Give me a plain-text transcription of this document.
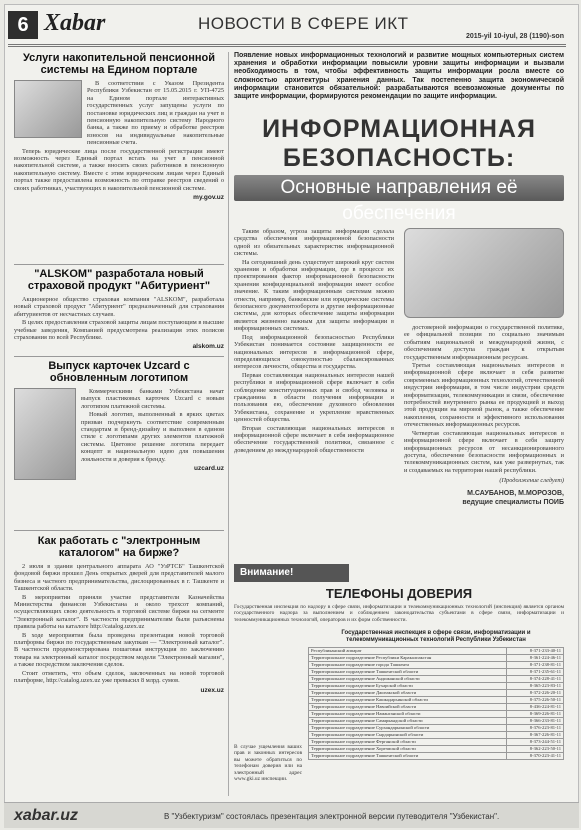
6 Xabar	НОВОСТИ В СФЕРЕ ИКТ
2015-yil 10-iyul, 28 (1190)-son
Услуги накопительной пенсионной системы на Едином портале

В соответствии с Указом Президента Республики Узбекистан от 15.05.2015 г. УП-4725 на Едином портале интерактивных государственных услуг запущены услуги по постановке юридических лиц и граждан на учет в пенсионную накопительную систему Народного банка, а также по приему и обработке реестров взносов на индивидуальные накопительные пенсионные счета.

Теперь юридические лица после государственной регистрации имеют возможность через Единый портал встать на учет в пенсионной накопительной системе, а также вносить своих работников в пенсионную накопительную систему. Вместе с этим юридическим лицам через Единый портал также предоставлена возможность по отправке реестров сведений о своих работниках, участвующих в накопительной пенсионной системе.

my.gov.uz
"ALSKOM" разработала новый страховой продукт "Абитуриент"

Акционерное общество страховая компания "ALSKOM", разработала новый страховой продукт "Абитуриент" предназначенный для страхования абитуриентов от несчастных случаев.

В целях предоставления страховой защиты лицам поступающим в высшие учебные заведения, Компанией предусмотрена реализация этих полисов страхования по всей Республике.

alskom.uz
Выпуск карточек Uzcard с обновленным логотипом

Коммерческими банками Узбекистана начат выпуск пластиковых карточек Uzcard с новым логотипом платежной системы.

Новый логотип, выполненный в ярких цветах призван подчеркнуть соответствие современным стандартам и бренд-дизайну и выполнен в едином стиле с логотипами других элементов платежной системы. Цветовое решение логотипа передает концепт и национальную идею для повышения лояльности и доверия к бренду.

uzcard.uz
Как работать с "электронным каталогом" на бирже?

2 июля в здании центрального аппарата АО "УзРТСБ" Ташкентской фондовой биржи прошел День открытых дверей для представителей малого бизнеса и частного предпринимательства, дислоцированных в г. Ташкенте и Ташкентской области.

В мероприятии приняли участие представители Казначейства Министерства финансов Узбекистана и около трехсот компаний, осуществляющих свою деятельность в торговой системе биржи на сегменте "Электронный каталог". В частности предпринимателям были разъяснены правила работы на каталоге http://catalog.uzex.uz

В ходе мероприятия была проведена презентация новой торговой платформы биржи по государственным закупкам — "Электронный каталог". В частности продемонстрирована пошаговая инструкция по заключению товара на электронный каталог посредством модели "Электронный магазин", а также посредством заключения сделок.

Стоит отметить, что объем сделок, заключенных на новой торговой платформе, http://catalog.uzex.uz уже превысил 8 млрд. сумов.

uzex.uz
Появление новых информационных технологий и развитие мощных компьютерных систем хранения и обработки информации повысили уровни защиты информации и вызвали необходимость в том, чтобы эффективность защиты информации росла вместе со сложностью архитектуры хранения данных. Так постепенно защита экономической информации становится обязательной: разрабатываются всевозможные документы по защите информации, формируются рекомендации по защите информации.
ИНФОРМАЦИОННАЯ
БЕЗОПАСНОСТЬ:
Основные направления её обеспечения

Таким образом, угроза защиты информации сделала средства обеспечения информационной безопасности одной из обязательных характеристик информационной системы.

На сегодняшний день существует широкий круг систем хранения и обработки информации, где в процессе их проектирования фактор информационной безопасности хранения конфиденциальной информации имеет особое значение. К таким информационным системам можно отнести, например, банковские или юридические системы безопасного документооборота и другие информационные системы, для которых обеспечение защиты информации является жизненно важным для защиты информации в информационных системах.

Под информационной безопасностью Республики Узбекистан понимается состояние защищенности ее национальных интересов в информационной сфере, определяющихся совокупностью сбалансированных интересов личности, общества и государства.

Первая составляющая национальных интересов нашей республики в информационной сфере включает в себя соблюдение конституционных прав и свобод человека и гражданина в области получения информации и пользования ею, обеспечение духовного обновления Узбекистана, сохранение и укрепление нравственных ценностей общества.

Вторая составляющая национальных интересов в информационной сфере включает в себя информационное обеспечение государственной политики, связанное с доведением до международной общественности

достоверной информации о государственной политике, ее официальной позиции по социально значимым событиям национальной и международной жизни, с обеспечением доступа граждан к открытым государственным информационным ресурсам.

Третья составляющая национальных интересов в информационной сфере включает в себя развитие современных информационных технологий, отечественной индустрии информации, в том числе индустрии средств информатизации, телекоммуникации и связи, обеспечение потребностей внутреннего рынка ее продукцией и выход этой продукции на мировой рынок, а также обеспечение накопления, сохранности и эффективного использования отечественных информационных ресурсов.

Четвертая составляющая национальных интересов в информационной сфере включает в себя защиту информационных ресурсов от несанкционированного доступа, обеспечение безопасности информационных и телекоммуникационных систем, как уже развернутых, так и создаваемых на территории нашей республики.

(Продолжение следует)
М.САУБАНОВ, М.МОРОЗОВ,
ведущие специалисты ПОИБ
Внимание!
ТЕЛЕФОНЫ ДОВЕРИЯ
Государственная инспекция по надзору в сфере связи, информатизации и телекоммуникационных технологий (инспекция) является органом государственного надзора за выполнением и соблюдением законодательства субъектами в сфере связи, информатизации и телекоммуникационных технологий, операторов и их форм собственности.
В случае ущемления ваших прав и законных интересов вы можете обратиться по телефонам доверия или на электронный адрес www.gki.uz инспекции.
Государственная инспекция в сфере связи, информатизации и телекоммуникационных технологий Республики Узбекистан
Республиканский аппарат	8-371-233-40-11
Территориальное подразделение Республики Каракалпакстан	8-361-224-46-11
Территориальное подразделение города Ташкента	8-371-238-81-11
Территориальное подразделение Ташкентской области	8-371-235-61-11
Территориальное подразделение Андижанской области	8-374-228-41-11
Территориальное подразделение Бухарской области	8-365-223-83-11
Территориальное подразделение Джизакской области	8-372-226-20-11
Территориальное подразделение Кашкадарьинской области	8-375-226-50-11
Территориальное подразделение Навоийской области	8-436-224-81-11
Территориальное подразделение Наманганской области	8-369-226-81-11
Территориальное подразделение Самаркандской области	8-366-233-81-11
Территориальное подразделение Сурхандарьинской области	8-376-223-81-11
Территориальное подразделение Сырдарьинской области	8-367-226-81-11
Территориальное подразделение Ферганской области	8-373-244-51-11
Территориальное подразделение Хорезмской области	8-362-223-50-11
Территориальное подразделение Ташкентской области	8-370-223-41-11
xabar.uz	В "Узбектуризм" состоялась презентация электронной версии путеводителя "Узбекистан".
